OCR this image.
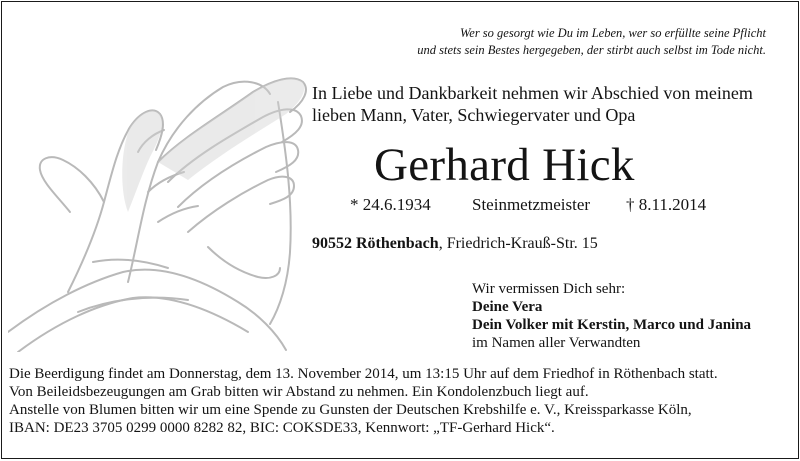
Wer so gesorgt wie Du im Leben, wer so erfüllte seine Pflicht
und stets sein Bestes hergegeben, der stirbt auch selbst im Tode nicht.
In Liebe und Dankbarkeit nehmen wir Abschied von meinem
lieben Mann, Vater, Schwiegervater und Opa
Gerhard Hick
* 24.6.1934 Steinmetzmeister † 8.11.2014
90552 Röthenbach, Friedrich-Krauß-Str. 15
Wir vermissen Dich sehr:
Deine Vera
Dein Volker mit Kerstin, Marco und Janina
im Namen aller Verwandten
Die Beerdigung findet am Donnerstag, dem 13. November 2014, um 13:15 Uhr auf dem Friedhof in Röthenbach statt.
Von Beileidsbezeugungen am Grab bitten wir Abstand zu nehmen. Ein Kondolenzbuch liegt auf.
Anstelle von Blumen bitten wir um eine Spende zu Gunsten der Deutschen Krebshilfe e. V., Kreissparkasse Köln,
IBAN: DE23 3705 0299 0000 8282 82, BIC: COKSDE33, Kennwort: „TF-Gerhard Hick“.
